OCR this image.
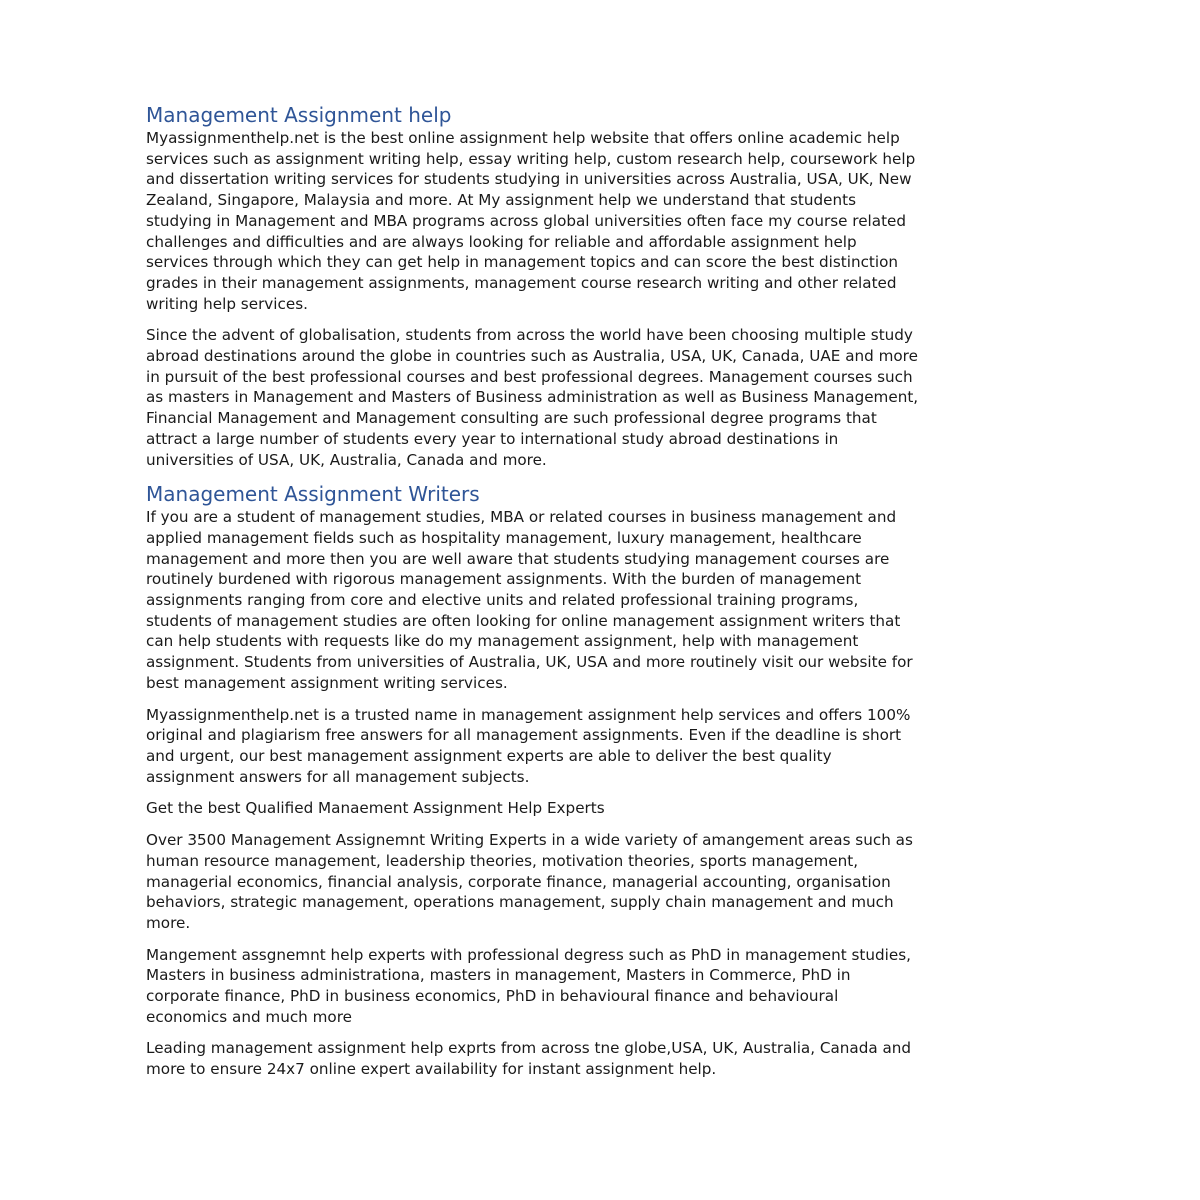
Management Assignment help

Myassignmenthelp.net is the best online assignment help website that offers online academic help
services such as assignment writing help, essay writing help, custom research help, coursework help
and dissertation writing services for students studying in universities across Australia, USA, UK, New
Zealand, Singapore, Malaysia and more. At My assignment help we understand that students
studying in Management and MBA programs across global universities often face my course related
challenges and difficulties and are always looking for reliable and affordable assignment help
services through which they can get help in management topics and can score the best distinction
grades in their management assignments, management course research writing and other related
writing help services.

Since the advent of globalisation, students from across the world have been choosing multiple study
abroad destinations around the globe in countries such as Australia, USA, UK, Canada, UAE and more
in pursuit of the best professional courses and best professional degrees. Management courses such
as masters in Management and Masters of Business administration as well as Business Management,
Financial Management and Management consulting are such professional degree programs that
attract a large number of students every year to international study abroad destinations in
universities of USA, UK, Australia, Canada and more.

Management Assignment Writers

If you are a student of management studies, MBA or related courses in business management and
applied management fields such as hospitality management, luxury management, healthcare
management and more then you are well aware that students studying management courses are
routinely burdened with rigorous management assignments. With the burden of management
assignments ranging from core and elective units and related professional training programs,
students of management studies are often looking for online management assignment writers that
can help students with requests like do my management assignment, help with management
assignment. Students from universities of Australia, UK, USA and more routinely visit our website for
best management assignment writing services.

Myassignmenthelp.net is a trusted name in management assignment help services and offers 100%
original and plagiarism free answers for all management assignments. Even if the deadline is short
and urgent, our best management assignment experts are able to deliver the best quality
assignment answers for all management subjects.

Get the best Qualified Manaement Assignment Help Experts

Over 3500 Management Assignemnt Writing Experts in a wide variety of amangement areas such as
human resource management, leadership theories, motivation theories, sports management,
managerial economics, financial analysis, corporate finance, managerial accounting, organisation
behaviors, strategic management, operations management, supply chain management and much
more.

Mangement assgnemnt help experts with professional degress such as PhD in management studies,
Masters in business administrationa, masters in management, Masters in Commerce, PhD in
corporate finance, PhD in business economics, PhD in behavioural finance and behavioural
economics and much more

Leading management assignment help exprts from across tne globe,USA, UK, Australia, Canada and
more to ensure 24x7 online expert availability for instant assignment help.
